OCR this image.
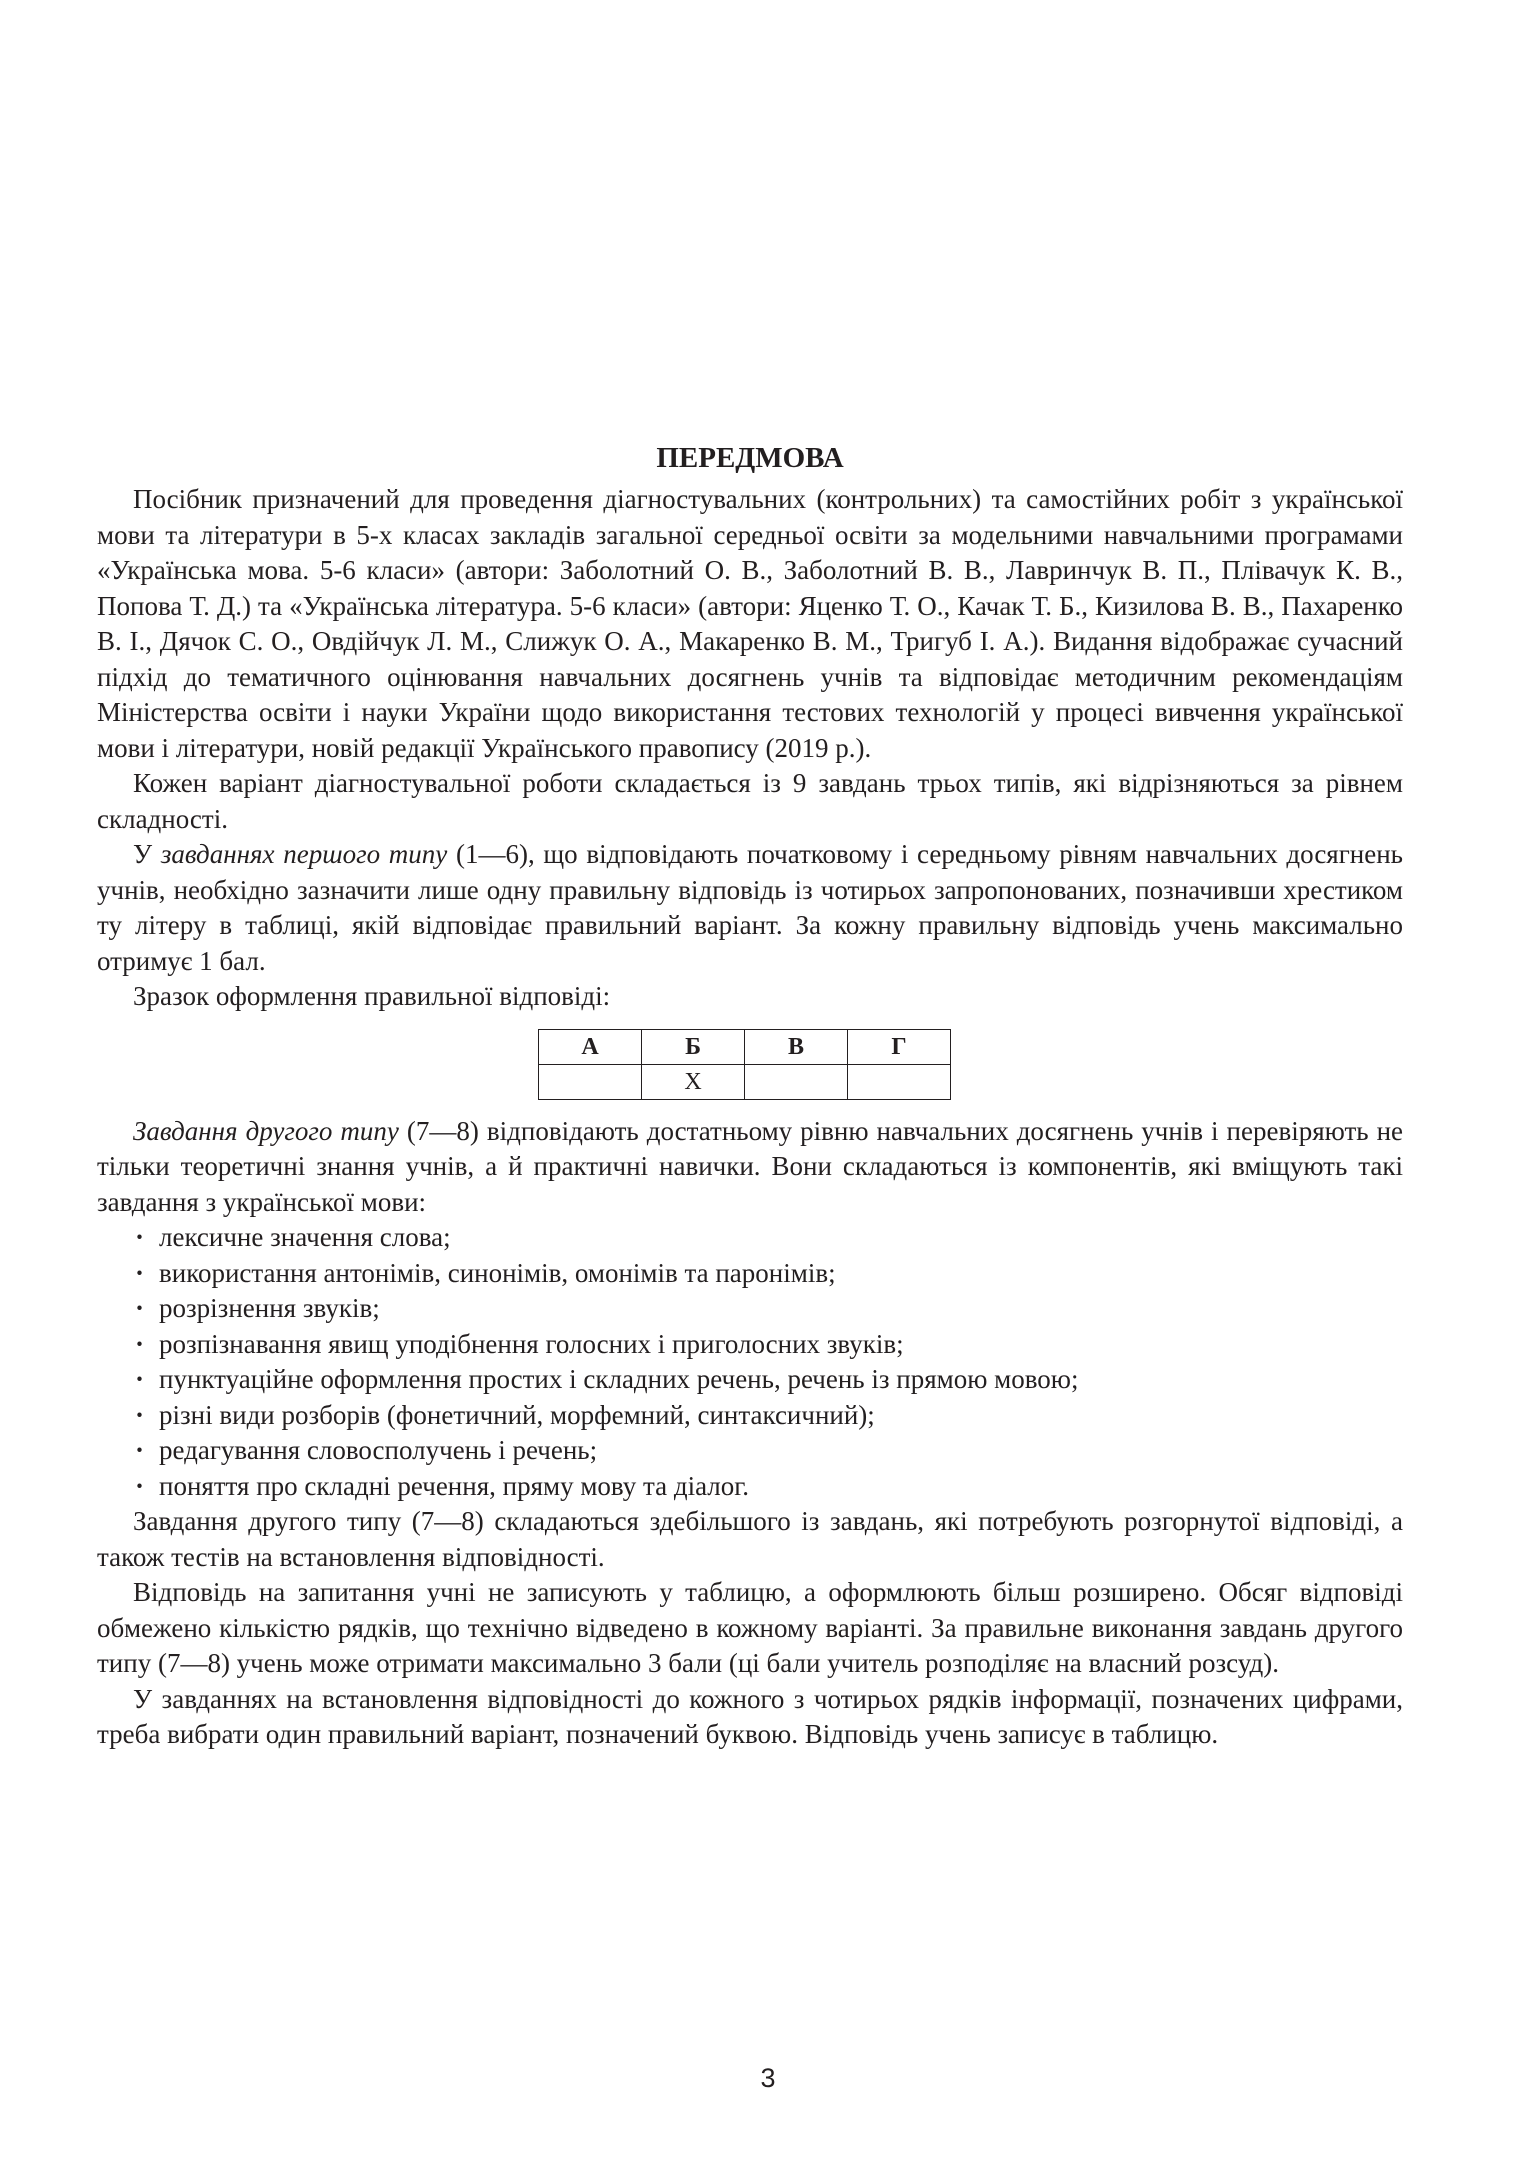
ПЕРЕДМОВА

Посібник призначений для проведення діагностувальних (контрольних) та самостійних робіт з української мови та літератури в 5-х класах закладів загальної середньої освіти за модельними навчальними програмами «Українська мова. 5-6 класи» (автори: Заболотний О. В., Заболотний В. В., Лавринчук В. П., Плівачук К. В., Попова Т. Д.) та «Українська література. 5-6 класи» (автори: Яценко Т. О., Качак Т. Б., Кизилова В. В., Пахаренко В. І., Дячок С. О., Овдійчук Л. М., Слижук О. А., Макаренко В. М., Тригуб І. А.). Видання відображає сучасний підхід до тематичного оцінювання навчальних досягнень учнів та відповідає методичним рекомендаціям Міністерства освіти і науки України щодо використання тестових технологій у процесі вивчення української мови і літератури, новій редакції Українського правопису (2019 р.).

Кожен варіант діагностувальної роботи складається із 9 завдань трьох типів, які відрізняються за рівнем складності.

У завданнях першого типу (1—6), що відповідають початковому і середньому рівням навчальних досягнень учнів, необхідно зазначити лише одну правильну відповідь із чотирьох запропонованих, позначивши хрестиком ту літеру в таблиці, якій відповідає правильний варіант. За кожну правильну відповідь учень максимально отримує 1 бал.

Зразок оформлення правильної відповіді:

А	Б	В	Г
	X		

Завдання другого типу (7—8) відповідають достатньому рівню навчальних досягнень учнів і перевіряють не тільки теоретичні знання учнів, а й практичні навички. Вони складаються із компонентів, які вміщують такі завдання з української мови:

· лексичне значення слова;
· використання антонімів, синонімів, омонімів та паронімів;
· розрізнення звуків;
· розпізнавання явищ уподібнення голосних і приголосних звуків;
· пунктуаційне оформлення простих і складних речень, речень із прямою мовою;
· різні види розборів (фонетичний, морфемний, синтаксичний);
· редагування словосполучень і речень;
· поняття про складні речення, пряму мову та діалог.

Завдання другого типу (7—8) складаються здебільшого із завдань, які потребують розгорнутої відповіді, а також тестів на встановлення відповідності.

Відповідь на запитання учні не записують у таблицю, а оформлюють більш розширено. Обсяг відповіді обмежено кількістю рядків, що технічно відведено в кожному варіанті. За правильне виконання завдань другого типу (7—8) учень може отримати максимально 3 бали (ці бали учитель розподіляє на власний розсуд).

У завданнях на встановлення відповідності до кожного з чотирьох рядків інформації, позначених цифрами, треба вибрати один правильний варіант, позначений буквою. Відповідь учень записує в таблицю.

3
